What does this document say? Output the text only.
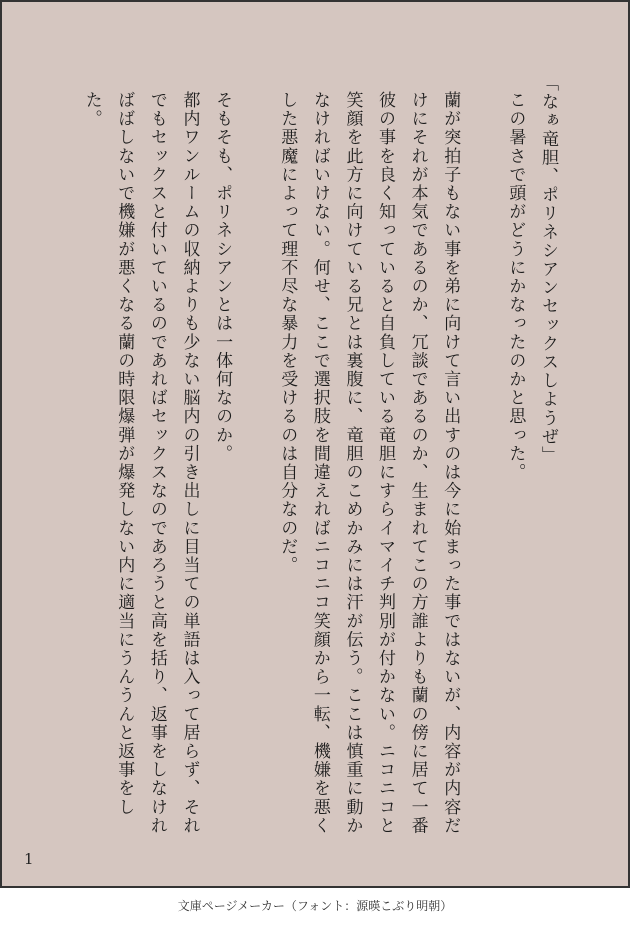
「なぁ竜胆、ポリネシアンセックスしようぜ」

この暑さで頭がどうにかなったのかと思った。

蘭が突拍子もない事を弟に向けて言い出すのは今に始まった事ではないが、内容が内容だけにそれが本気であるのか、冗談であるのか、生まれてこの方誰よりも蘭の傍に居て一番彼の事を良く知っていると自負している竜胆にすらイマイチ判別が付かない。ニコニコと笑顔を此方に向けている兄とは裏腹に、竜胆のこめかみには汗が伝う。ここは慎重に動かなければいけない。何せ、ここで選択肢を間違えればニコニコ笑顔から一転、機嫌を悪くした悪魔によって理不尽な暴力を受けるのは自分なのだ。

そもそも、ポリネシアンとは一体何なのか。

都内ワンルームの収納よりも少ない脳内の引き出しに目当ての単語は入って居らず、それでもセックスと付いているのであればセックスなのであろうと高を括り、返事をしなければばしないで機嫌が悪くなる蘭の時限爆弾が爆発しない内に適当にうんうんと返事をした。

1
文庫ページメーカー（フォント：源暎こぶり明朝）
